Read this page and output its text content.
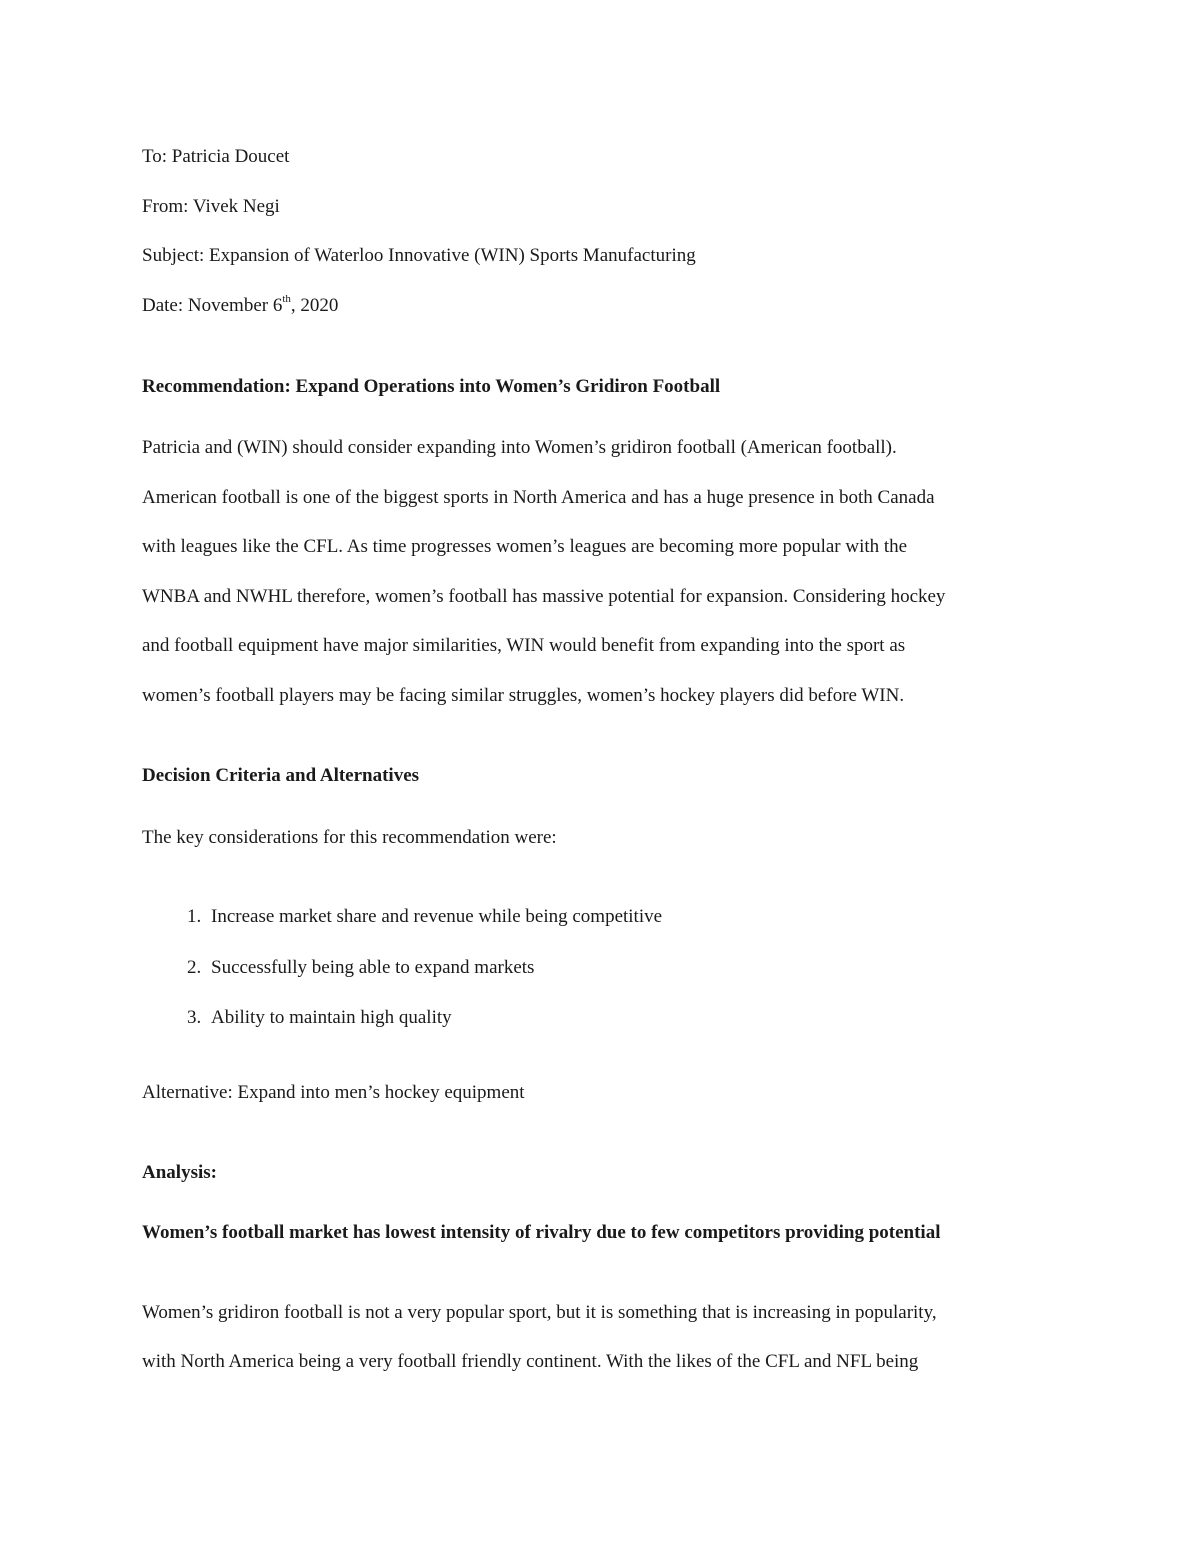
To: Patricia Doucet
From: Vivek Negi
Subject: Expansion of Waterloo Innovative (WIN) Sports Manufacturing
Date: November 6th, 2020
Recommendation: Expand Operations into Women’s Gridiron Football
Patricia and (WIN) should consider expanding into Women’s gridiron football (American football).
American football is one of the biggest sports in North America and has a huge presence in both Canada
with leagues like the CFL. As time progresses women’s leagues are becoming more popular with the
WNBA and NWHL therefore, women’s football has massive potential for expansion. Considering hockey
and football equipment have major similarities, WIN would benefit from expanding into the sport as
women’s football players may be facing similar struggles, women’s hockey players did before WIN.
Decision Criteria and Alternatives
The key considerations for this recommendation were:
1. Increase market share and revenue while being competitive
2. Successfully being able to expand markets
3. Ability to maintain high quality
Alternative: Expand into men’s hockey equipment
Analysis:
Women’s football market has lowest intensity of rivalry due to few competitors providing potential
Women’s gridiron football is not a very popular sport, but it is something that is increasing in popularity,
with North America being a very football friendly continent. With the likes of the CFL and NFL being
